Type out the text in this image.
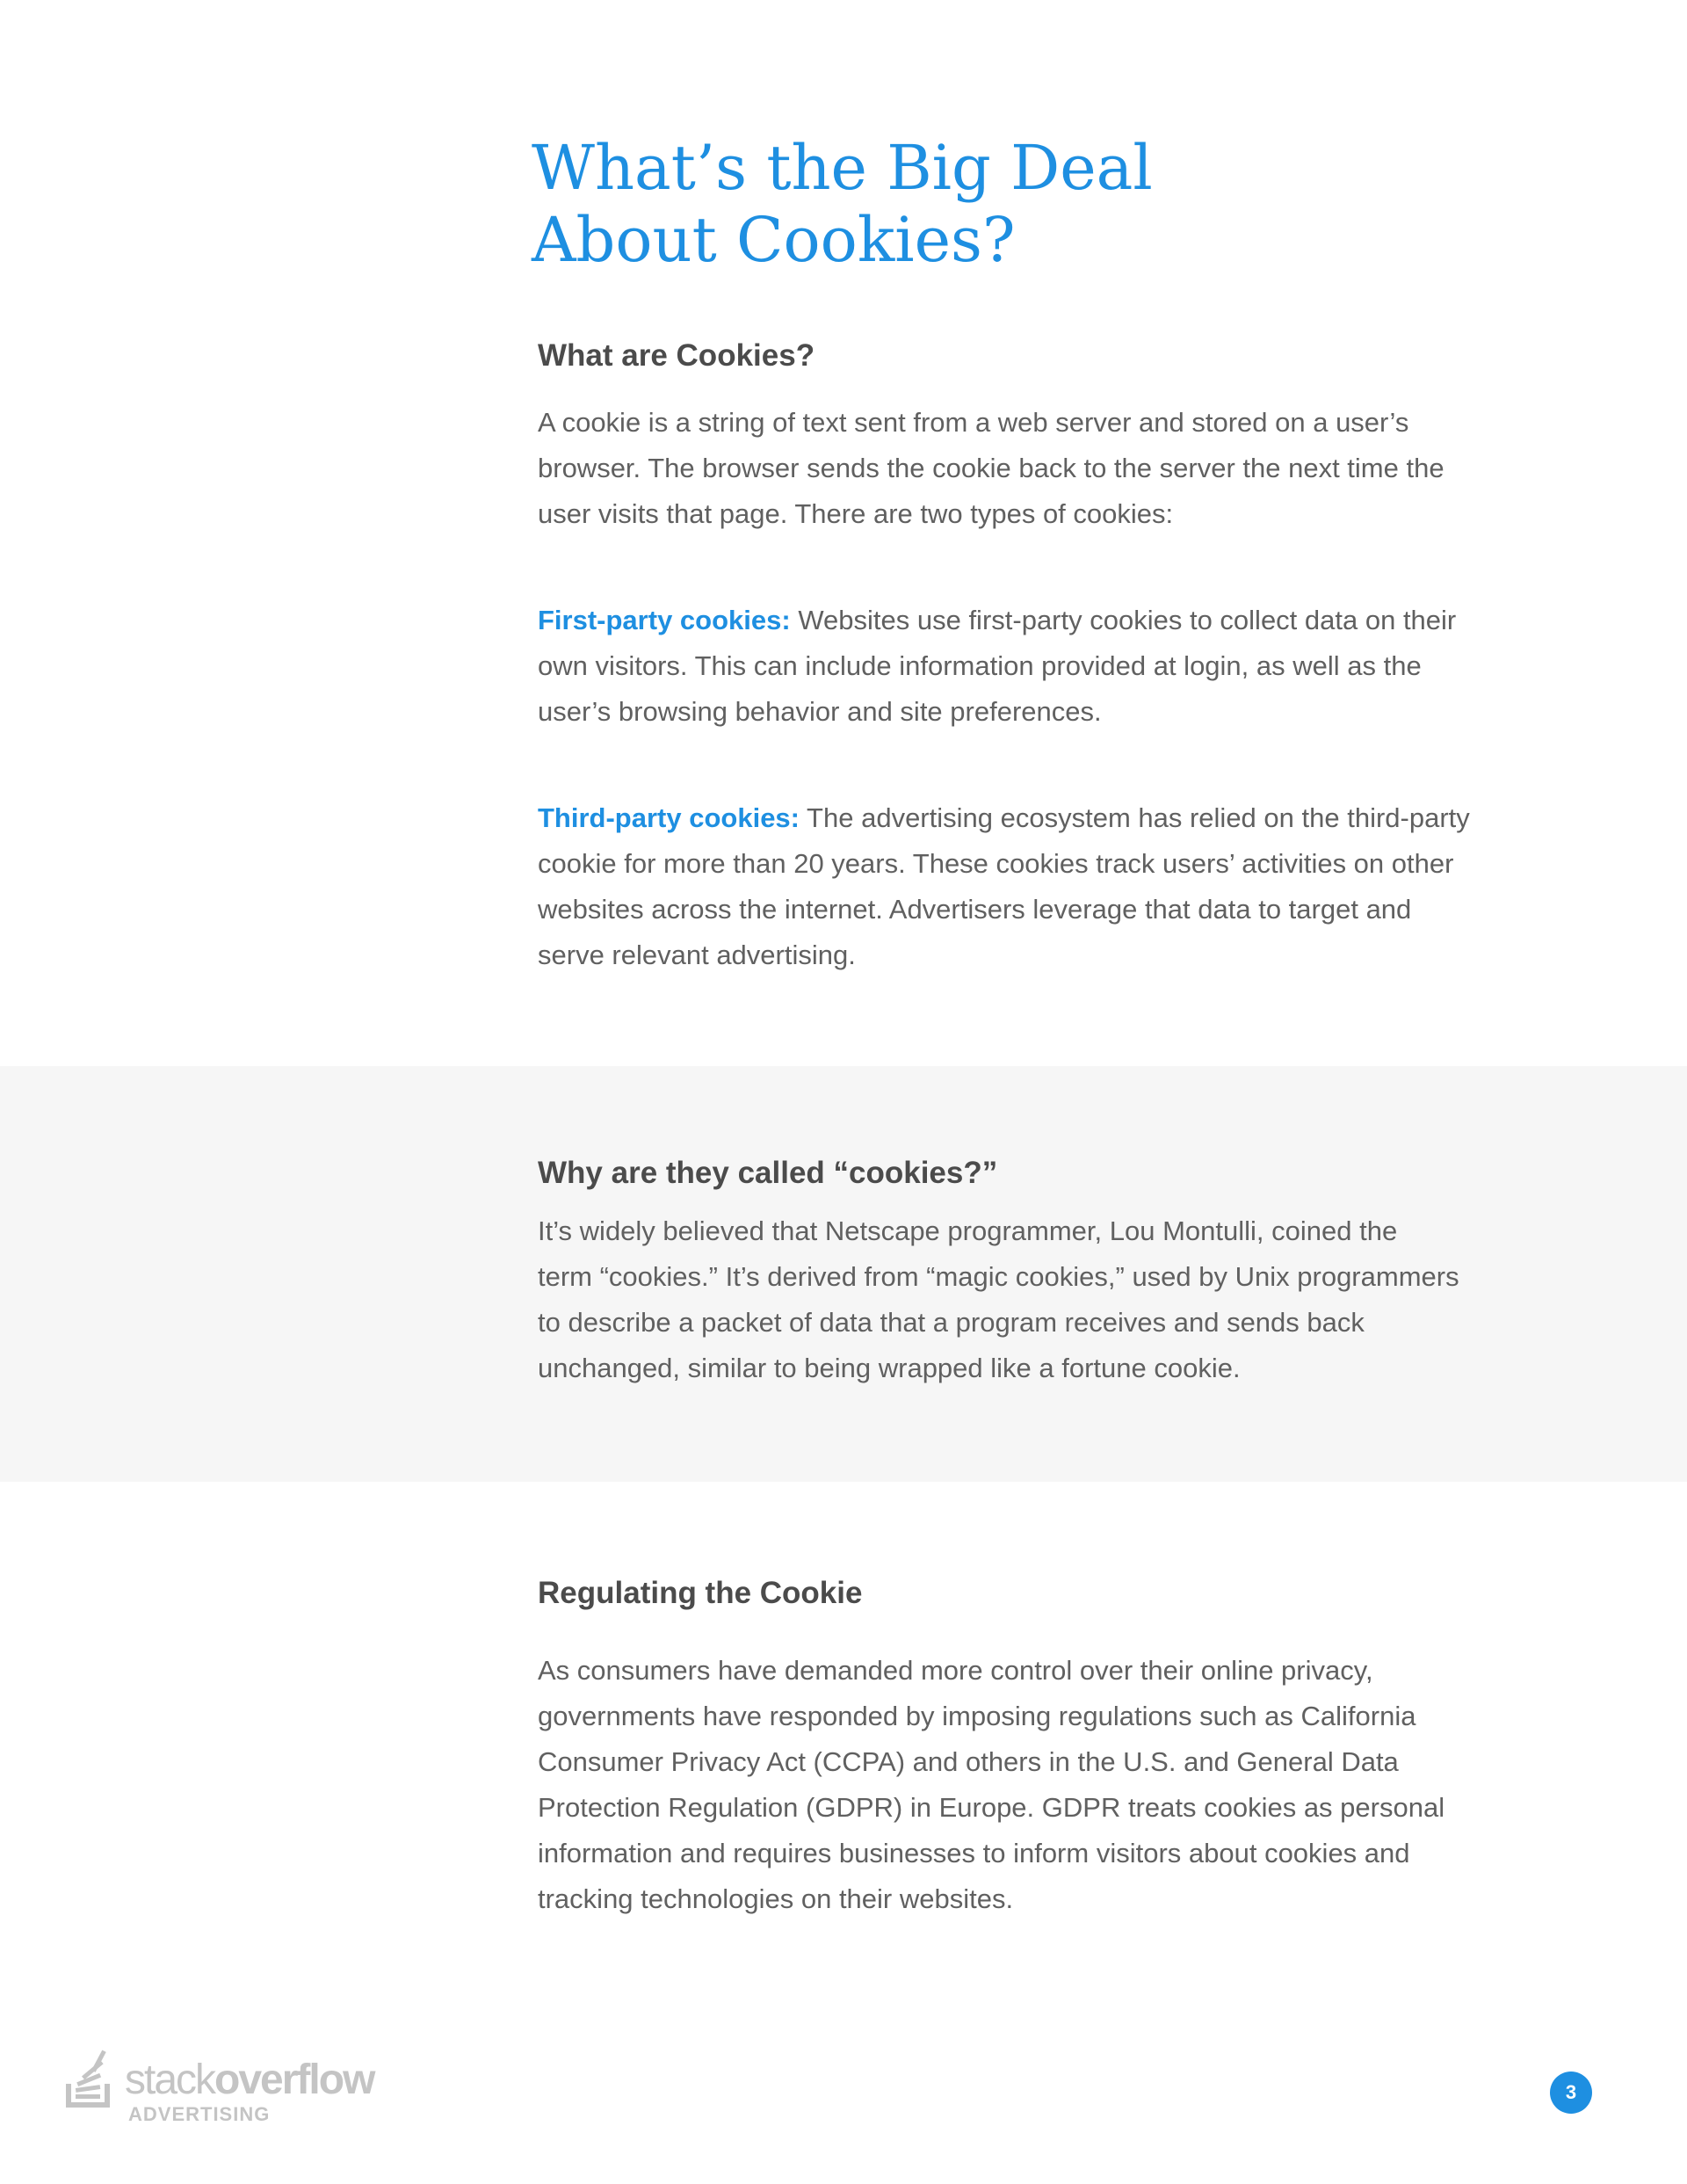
What’s the Big Deal
About Cookies?
What are Cookies?

A cookie is a string of text sent from a web server and stored on a user’s
browser. The browser sends the cookie back to the server the next time the
user visits that page. There are two types of cookies:

First-party cookies: Websites use first-party cookies to collect data on their
own visitors. This can include information provided at login, as well as the
user’s browsing behavior and site preferences.

Third-party cookies: The advertising ecosystem has relied on the third-party
cookie for more than 20 years. These cookies track users’ activities on other
websites across the internet. Advertisers leverage that data to target and
serve relevant advertising.

Why are they called “cookies?”

It’s widely believed that Netscape programmer, Lou Montulli, coined the
term “cookies.” It’s derived from “magic cookies,” used by Unix programmers
to describe a packet of data that a program receives and sends back
unchanged, similar to being wrapped like a fortune cookie.

Regulating the Cookie

As consumers have demanded more control over their online privacy,
governments have responded by imposing regulations such as California
Consumer Privacy Act (CCPA) and others in the U.S. and General Data
Protection Regulation (GDPR) in Europe. GDPR treats cookies as personal
information and requires businesses to inform visitors about cookies and
tracking technologies on their websites.

stackoverflow
ADVERTISING
3
